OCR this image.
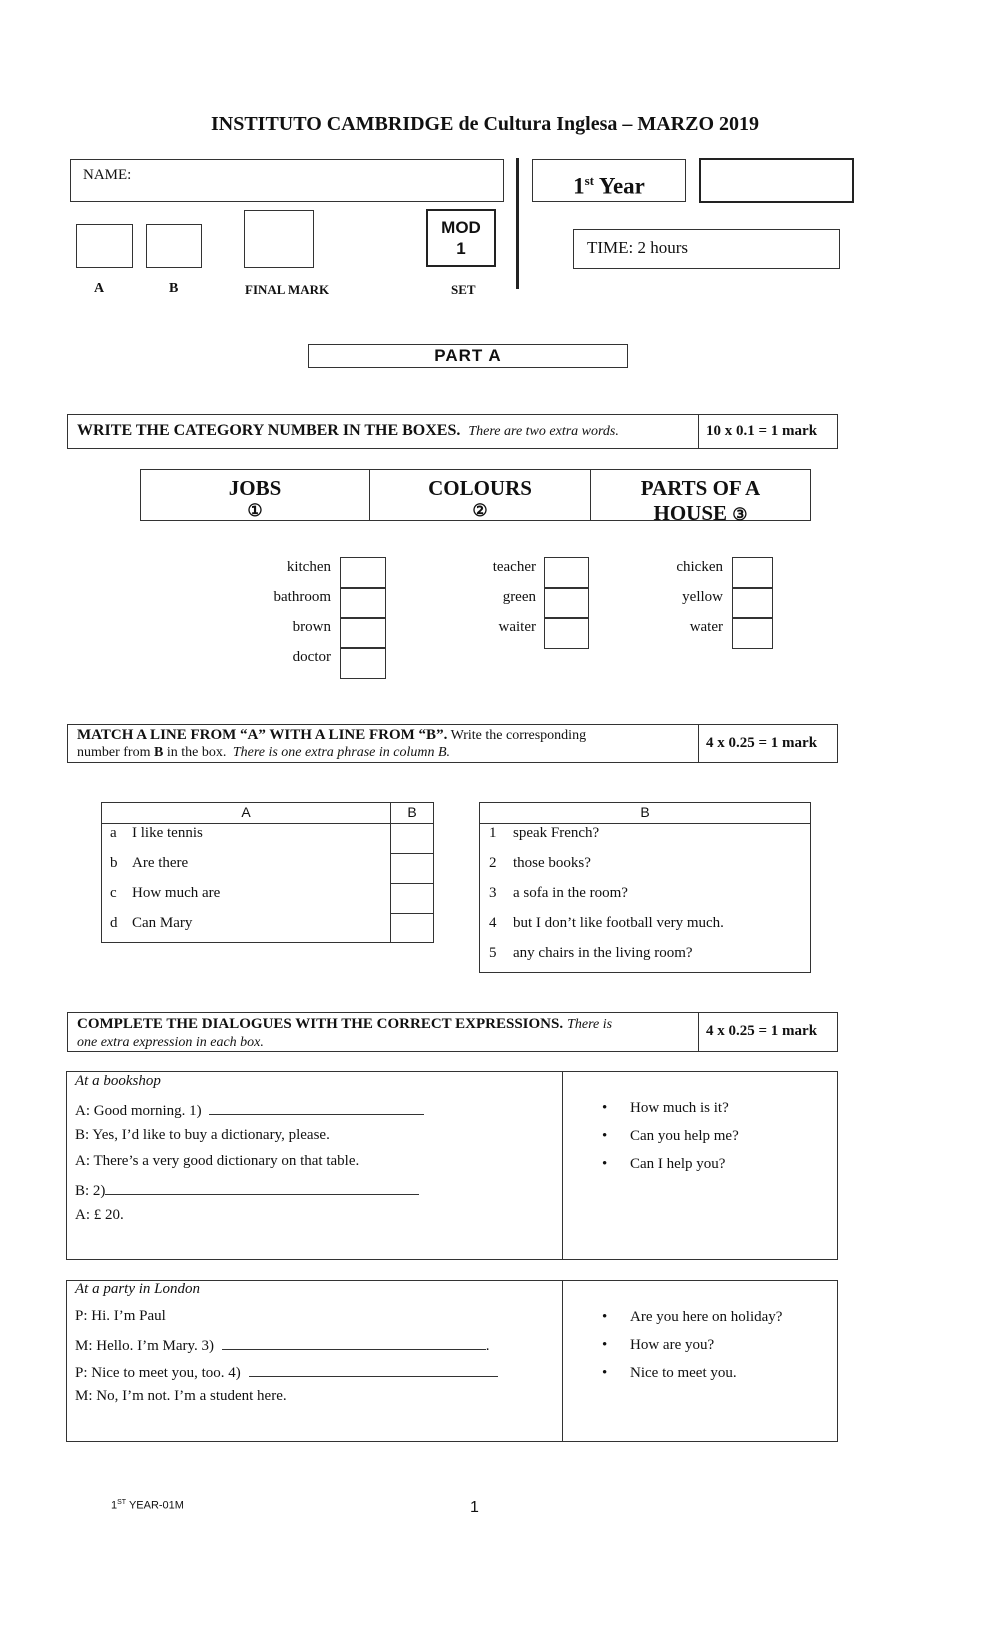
INSTITUTO CAMBRIDGE de Cultura Inglesa – MARZO 2019
NAME:	1st Year
MOD
1	TIME: 2 hours
A	B	FINAL MARK	SET
PART A
WRITE THE CATEGORY NUMBER IN THE BOXES. There are two extra words.	10 x 0.1 = 1 mark
JOBS
①
COLOURS
②
PARTS OF A
HOUSE ③
kitchen
bathroom
brown
doctor
teacher
green
waiter
chicken
yellow
water
MATCH A LINE FROM “A” WITH A LINE FROM “B”. Write the corresponding
number from B in the box. There is one extra phrase in column B.
4 x 0.25 = 1 mark
A	B
a I like tennis
b Are there
c How much are
d Can Mary
B
1 speak French?
2 those books?
3 a sofa in the room?
4 but I don’t like football very much.
5 any chairs in the living room?
COMPLETE THE DIALOGUES WITH THE CORRECT EXPRESSIONS. There is
one extra expression in each box.
4 x 0.25 = 1 mark
At a bookshop
A: Good morning. 1)
B: Yes, I’d like to buy a dictionary, please.
A: There’s a very good dictionary on that table.
B: 2)
A: £ 20.
• How much is it?
• Can you help me?
• Can I help you?
At a party in London
P: Hi. I’m Paul
M: Hello. I’m Mary. 3)	.
P: Nice to meet you, too. 4)
M: No, I’m not. I’m a student here.
• Are you here on holiday?
• How are you?
• Nice to meet you.
1ST YEAR-01M	1
